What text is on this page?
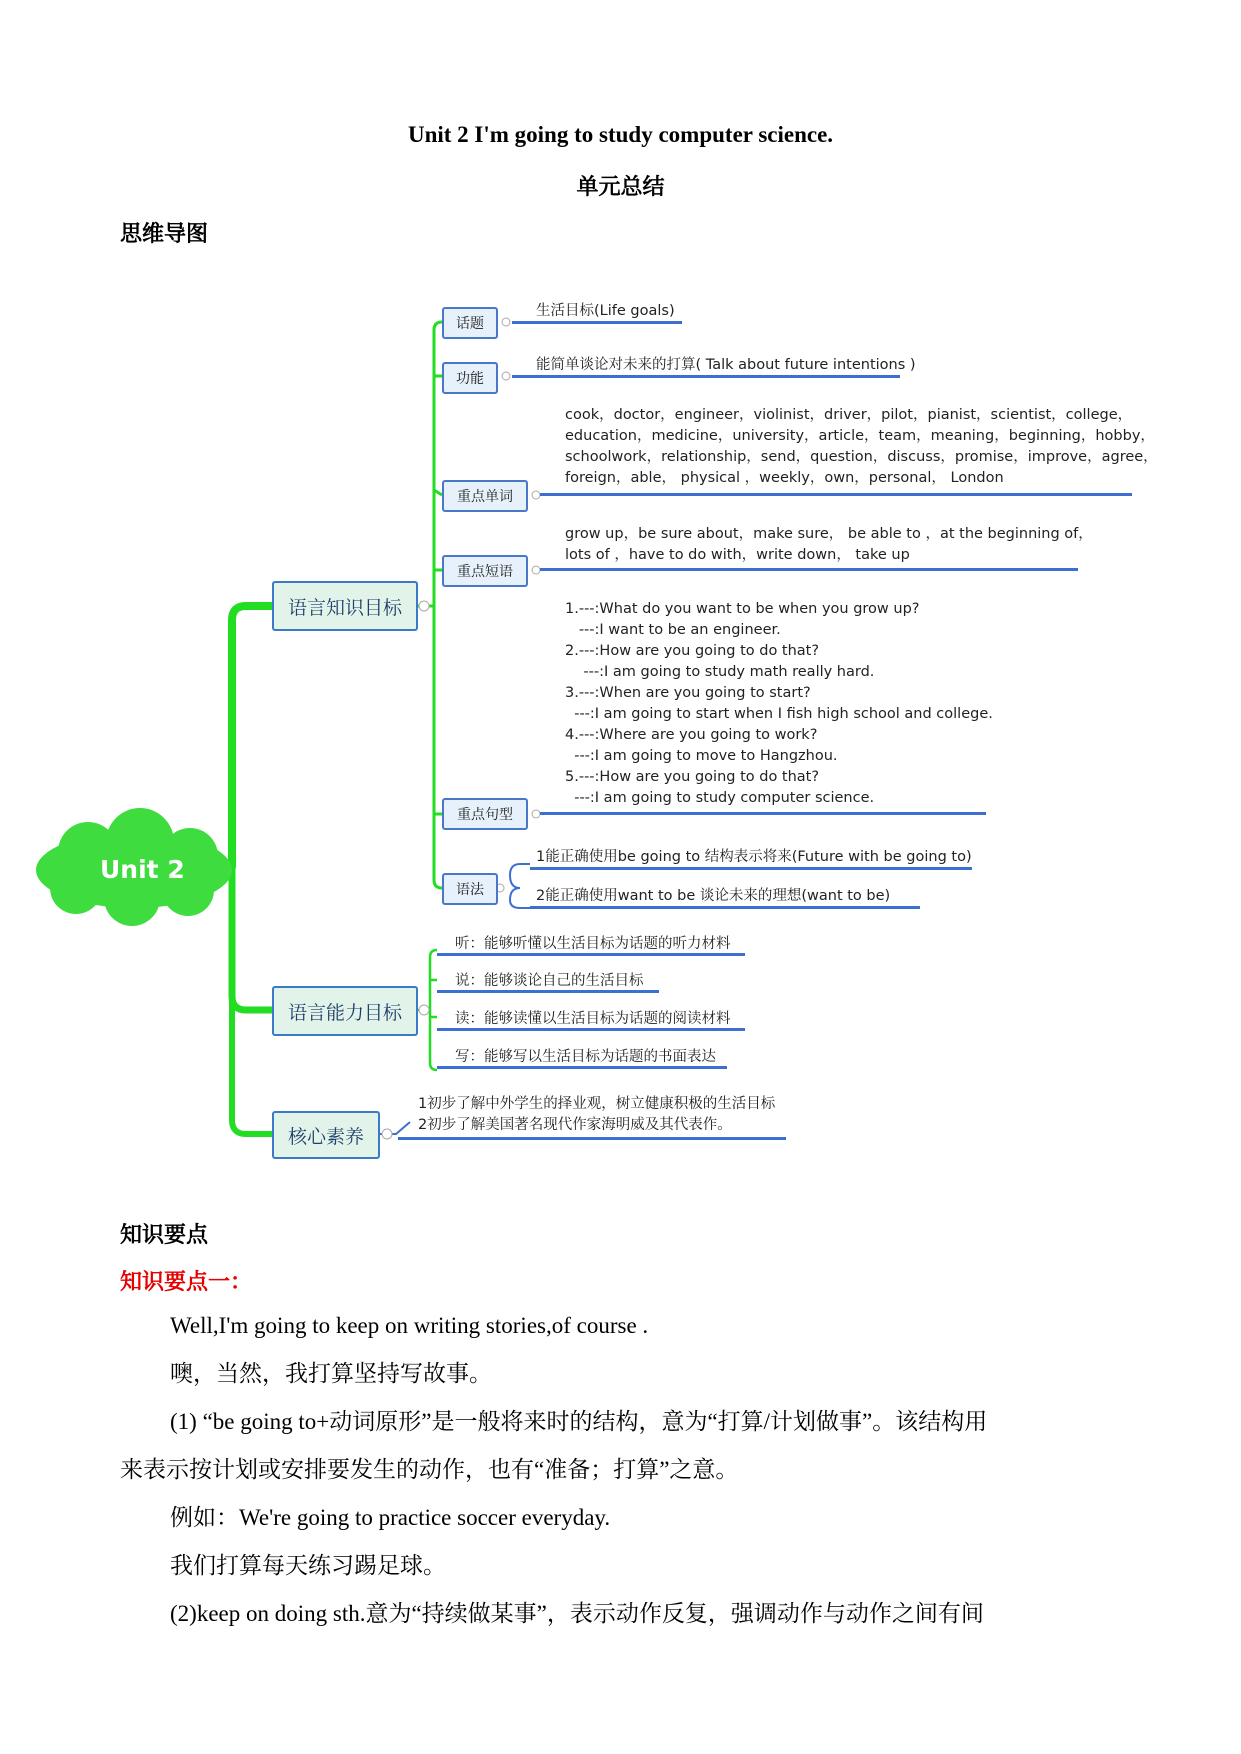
Unit 2 I'm going to study computer science.
单元总结
思维导图
Unit 2
语言知识目标
语言能力目标
核心素养
话题
功能
重点单词
重点短语
重点句型
语法
生活目标(Life goals)
能简单谈论对未来的打算( Talk about future intentions )
cook，doctor，engineer，violinist，driver，pilot，pianist，scientist，college，
education，medicine，university，article，team，meaning，beginning，hobby，
schoolwork，relationship，send，question，discuss，promise，improve，agree，
foreign，able， physical ，weekly，own，personal， London
grow up，be sure about，make sure， be able to ，at the beginning of，
lots of ，have to do with，write down， take up
1.---:What do you want to be when you grow up?
---:I want to be an engineer.
2.---:How are you going to do that?
---:I am going to study math really hard.
3.---:When are you going to start?
---:I am going to start when I fish high school and college.
4.---:Where are you going to work?
---:I am going to move to Hangzhou.
5.---:How are you going to do that?
---:I am going to study computer science.
1能正确使用be going to 结构表示将来(Future with be going to)
2能正确使用want to be 谈论未来的理想(want to be)
听：能够听懂以生活目标为话题的听力材料
说：能够谈论自己的生活目标
读：能够读懂以生活目标为话题的阅读材料
写：能够写以生活目标为话题的书面表达
1初步了解中外学生的择业观，树立健康积极的生活目标
2初步了解美国著名现代作家海明威及其代表作。
知识要点
知识要点一：
Well,I'm going to keep on writing stories,of course .
噢，当然，我打算坚持写故事。
(1) “be going to+动词原形”是一般将来时的结构，意为“打算/计划做事”。该结构用
来表示按计划或安排要发生的动作，也有“准备；打算”之意。
例如：We're going to practice soccer everyday.
我们打算每天练习踢足球。
(2)keep on doing sth.意为“持续做某事”，表示动作反复，强调动作与动作之间有间
